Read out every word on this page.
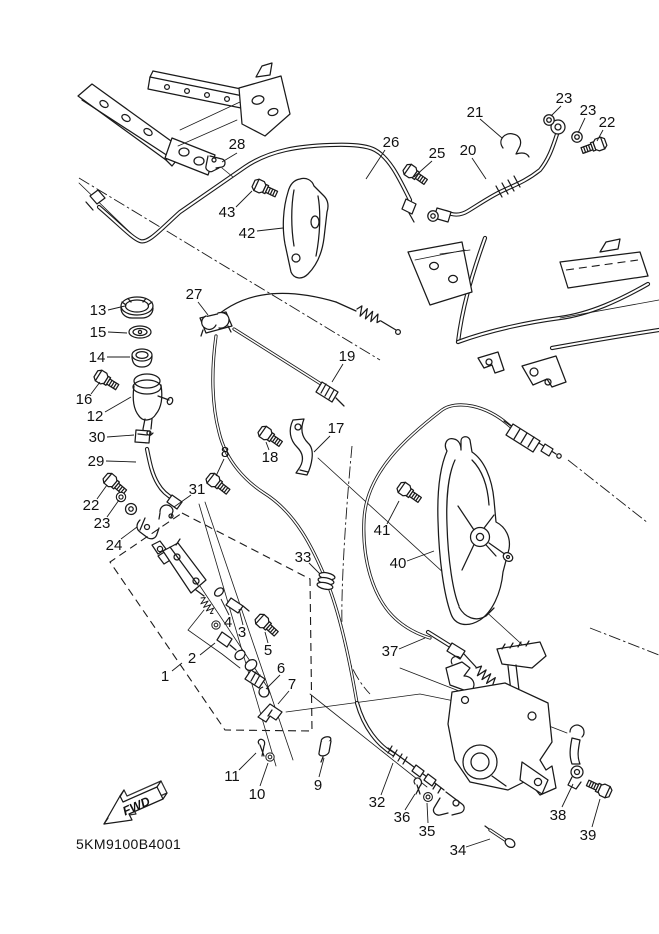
28	26
25
21
20
23
23
22
43
42
27
13
15
14
16
12
19
30
17
18
8
29
31
22
23
24
41
40
33
4
3
5
2
1	6
7
37
11
10
9
32
36
35
34
38
39
FWD
5KM9100B4001
